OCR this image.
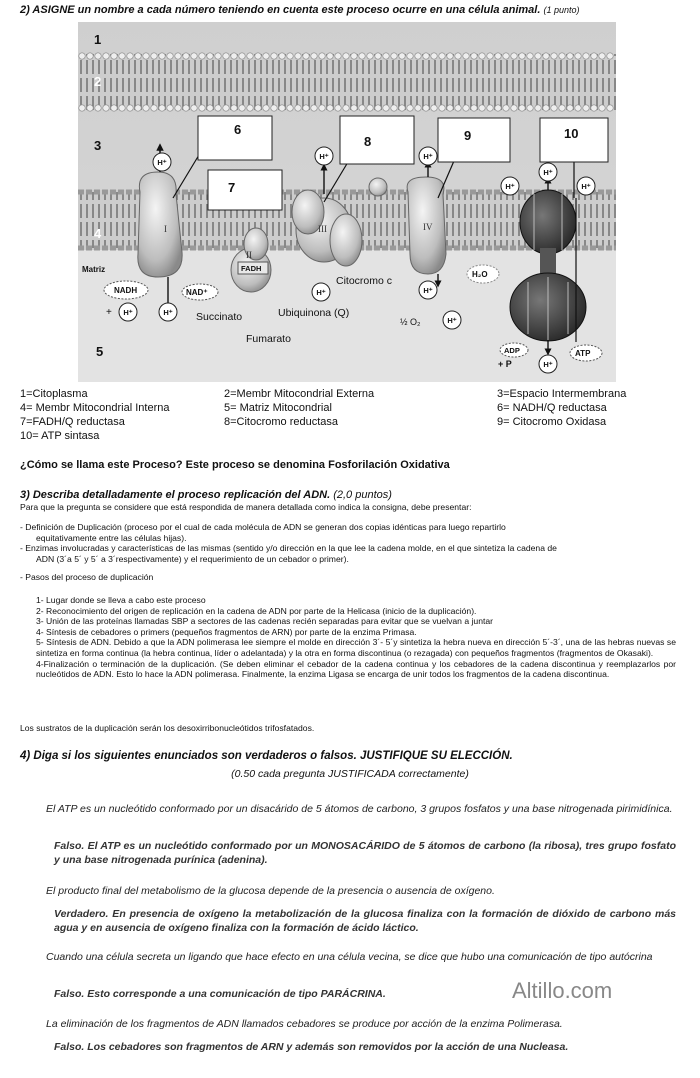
2) ASIGNE un nombre a cada número teniendo en cuenta este proceso ocurre en una célula animal. (1 punto)
1
2
3
4
5
6
7
8	9	10
I
II
III	IV
H⁺
H⁺	H⁺
H⁺
H⁺
H⁺
H⁺
H⁺
H⁺	H⁺
H⁺
H⁺
Matriz
NADH	NAD⁺
+	Succinato
FADH
Fumarato
Ubiquinona (Q)
Citocromo c
½ O₂
H₂O
ADP
+ P
ATP
1=Citoplasma	2=Membr Mitocondrial Externa	3=Espacio Intermembrana
4= Membr Mitocondrial Interna	5= Matriz Mitocondrial	6= NADH/Q reductasa
7=FADH/Q reductasa	8=Citocromo reductasa	9= Citocromo Oxidasa
10= ATP sintasa
¿Cómo se llama este Proceso? Este proceso se denomina Fosforilación Oxidativa
3) Describa detalladamente el proceso replicación del ADN. (2,0 puntos)
Para que la pregunta se considere que está respondida de manera detallada como indica la consigna, debe presentar:
- Definición de Duplicación (proceso por el cual de cada molécula de ADN se generan dos copias idénticas para luego repartirlo
equitativamente entre las células hijas).
- Enzimas involucradas y características de las mismas (sentido y/o dirección en la que lee la cadena molde, en el que sintetiza la cadena de
ADN (3´a 5´ y 5´ a 3´respectivamente) y el requerimiento de un cebador o primer).
- Pasos del proceso de duplicación

1- Lugar donde se lleva a cabo este proceso

2- Reconocimiento del origen de replicación en la cadena de ADN por parte de la Helicasa (inicio de la duplicación).

3- Unión de las proteínas llamadas SBP a sectores de las cadenas recién separadas para evitar que se vuelvan a juntar

4- Síntesis de cebadores o primers (pequeños fragmentos de ARN) por parte de la enzima Primasa.

5- Síntesis de ADN. Debido a que la ADN polimerasa lee siempre el molde en dirección 3´- 5´y sintetiza la hebra nueva en dirección 5´-3´, una de las hebras nuevas se sintetiza en forma continua (la hebra continua, líder o adelantada) y la otra en forma discontinua (o rezagada) con pequeños fragmentos (fragmentos de Okasaki).

4-Finalización o terminación de la duplicación. (Se deben eliminar el cebador de la cadena continua y los cebadores de la cadena discontinua y reemplazarlos por nucleótidos de ADN. Esto lo hace la ADN polimerasa. Finalmente, la enzima Ligasa se encarga de unir todos los fragmentos de la cadena discontinua.

Los sustratos de la duplicación serán los desoxirribonucleótidos trifosfatados.
4) Diga si los siguientes enunciados son verdaderos o falsos. JUSTIFIQUE SU ELECCIÓN.
(0.50 cada pregunta JUSTIFICADA correctamente)
El ATP es un nucleótido conformado por un disacárido de 5 átomos de carbono, 3 grupos fosfatos y una base nitrogenada pirimidínica.
Falso. El ATP es un nucleótido conformado por un MONOSACÁRIDO de 5 átomos de carbono (la ribosa), tres grupo fosfato y una base nitrogenada purínica (adenina).
El producto final del metabolismo de la glucosa depende de la presencia o ausencia de oxígeno.
Verdadero. En presencia de oxígeno la metabolización de la glucosa finaliza con la formación de dióxido de carbono más agua y en ausencia de oxígeno finaliza con la formación de ácido láctico.
Cuando una célula secreta un ligando que hace efecto en una célula vecina, se dice que hubo una comunicación de tipo autócrina
Falso. Esto corresponde a una comunicación de tipo PARÁCRINA.	Altillo.com
La eliminación de los fragmentos de ADN llamados cebadores se produce por acción de la enzima Polimerasa.
Falso. Los cebadores son fragmentos de ARN y además son removidos por la acción de una Nucleasa.
